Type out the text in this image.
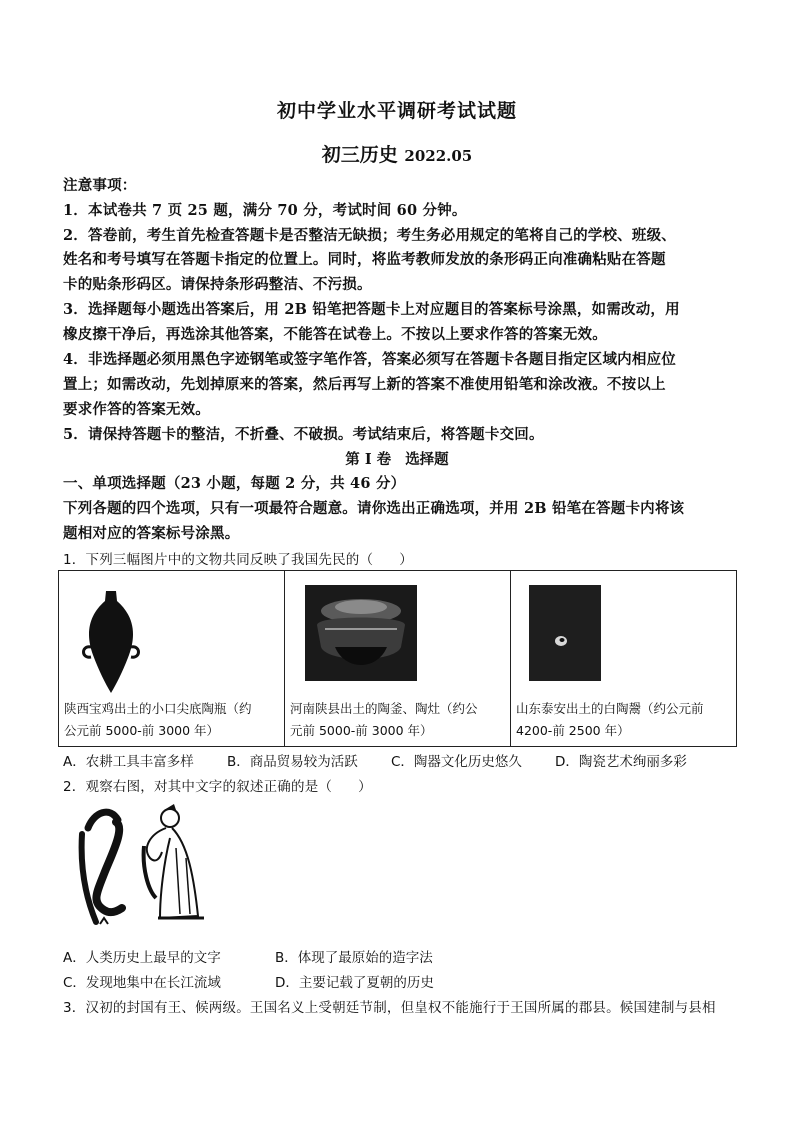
初中学业水平调研考试试题
初三历史 2022.05
注意事项：
1．本试卷共 7 页 25 题，满分 70 分，考试时间 60 分钟。
2．答卷前，考生首先检查答题卡是否整洁无缺损；考生务必用规定的笔将自己的学校、班级、
姓名和考号填写在答题卡指定的位置上。同时，将监考教师发放的条形码正向准确粘贴在答题
卡的贴条形码区。请保持条形码整洁、不污损。
3．选择题每小题选出答案后，用 2B 铅笔把答题卡上对应题目的答案标号涂黑，如需改动，用
橡皮擦干净后，再选涂其他答案，不能答在试卷上。不按以上要求作答的答案无效。
4．非选择题必须用黑色字迹钢笔或签字笔作答，答案必须写在答题卡各题目指定区域内相应位
置上；如需改动，先划掉原来的答案，然后再写上新的答案不准使用铅笔和涂改液。不按以上
要求作答的答案无效。
5．请保持答题卡的整洁，不折叠、不破损。考试结束后，将答题卡交回。
第 I 卷 选择题
一、单项选择题（23 小题，每题 2 分，共 46 分）
下列各题的四个选项，只有一项最符合题意。请你选出正确选项，并用 2B 铅笔在答题卡内将该
题相对应的答案标号涂黑。
1．下列三幅图片中的文物共同反映了我国先民的（ ）
陕西宝鸡出土的小口尖底陶瓶（约
公元前 5000-前 3000 年）

河南陕县出土的陶釜、陶灶（约公
元前 5000-前 3000 年）

山东泰安出土的白陶鬶（约公元前
4200-前 2500 年）
A．农耕工具丰富多样 B．商品贸易较为活跃 C．陶器文化历史悠久 D．陶瓷艺术绚丽多彩
2．观察右图，对其中文字的叙述正确的是（ ）
A．人类历史上最早的文字	B．体现了最原始的造字法
C．发现地集中在长江流域	D．主要记载了夏朝的历史
3．汉初的封国有王、候两级。王国名义上受朝廷节制，但皇权不能施行于王国所属的郡县。候国建制与县相
